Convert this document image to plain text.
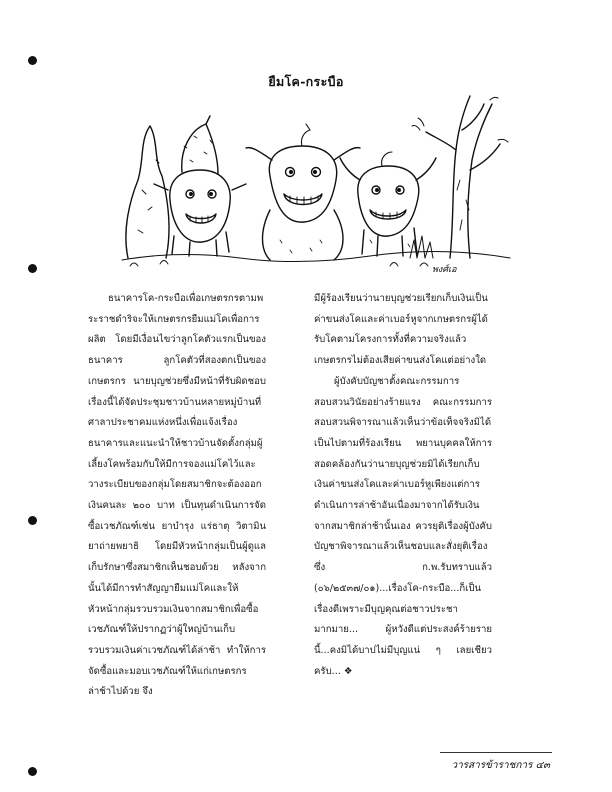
ยืมโค-กระบือ
พงศ์เอ

ธนาคารโค-กระบือเพื่อเกษตรกรตามพระราชดำริจะให้เกษตรกรยืมแม่โคเพื่อการผลิต โดยมีเงื่อนไขว่าลูกโคตัวแรกเป็นของธนาคาร ลูกโคตัวที่สองตกเป็นของเกษตรกร นายบุญช่วยซึ่งมีหน้าที่รับผิดชอบเรื่องนี้ได้จัดประชุมชาวบ้านหลายหมู่บ้านที่ศาลาประชาคมแห่งหนึ่งเพื่อแจ้งเรื่องธนาคารและแนะนำให้ชาวบ้านจัดตั้งกลุ่มผู้เลี้ยงโคพร้อมกับให้มีการจองแม่โคไว้และวางระเบียบของกลุ่มโดยสมาชิกจะต้องออกเงินคนละ ๒๐๐ บาท เป็นทุนดำเนินการจัดซื้อเวชภัณฑ์เช่น ยาบำรุง แร่ธาตุ วิตามิน ยาถ่ายพยาธิ โดยมีหัวหน้ากลุ่มเป็นผู้ดูแลเก็บรักษาซึ่งสมาชิกเห็นชอบด้วย หลังจากนั้นได้มีการทำสัญญายืมแม่โคและให้หัวหน้ากลุ่มรวบรวมเงินจากสมาชิกเพื่อซื้อเวชภัณฑ์ให้ปรากฏว่าผู้ใหญ่บ้านเก็บรวบรวมเงินค่าเวชภัณฑ์ได้ล่าช้า ทำให้การจัดซื้อและมอบเวชภัณฑ์ให้แก่เกษตรกรล่าช้าไปด้วย จึง

มีผู้ร้องเรียนว่านายบุญช่วยเรียกเก็บเงินเป็นค่าขนส่งโคและค่าเบอร์หูจากเกษตรกรผู้ได้รับโคตามโครงการทั้งที่ความจริงแล้วเกษตรกรไม่ต้องเสียค่าขนส่งโคแต่อย่างใด

ผู้บังคับบัญชาตั้งคณะกรรมการสอบสวนวินัยอย่างร้ายแรง คณะกรรมการสอบสวนพิจารณาแล้วเห็นว่าข้อเท็จจริงมิได้เป็นไปตามที่ร้องเรียน พยานบุคคลให้การสอดคล้องกันว่านายบุญช่วยมิได้เรียกเก็บเงินค่าขนส่งโคและค่าเบอร์หูเพียงแต่การดำเนินการล่าช้าอันเนื่องมาจากได้รับเงินจากสมาชิกล่าช้านั้นเอง ควรยุติเรื่องผู้บังคับบัญชาพิจารณาแล้วเห็นชอบและสั่งยุติเรื่อง ซึ่ง ก.พ.รับทราบแล้ว (๐๖/๒๕๓๗/๐๑)...เรื่องโค-กระบือ...ก็เป็นเรื่องดีเพราะมีบุญคุณต่อชาวประชามากมาย... ผู้หวังดีแต่ประสงค์ร้ายรายนี้...คงมิได้บาปไม่มีบุญแน่ ๆ เลยเชียวครับ... ❖

วารสารข้าราชการ ๔๓
